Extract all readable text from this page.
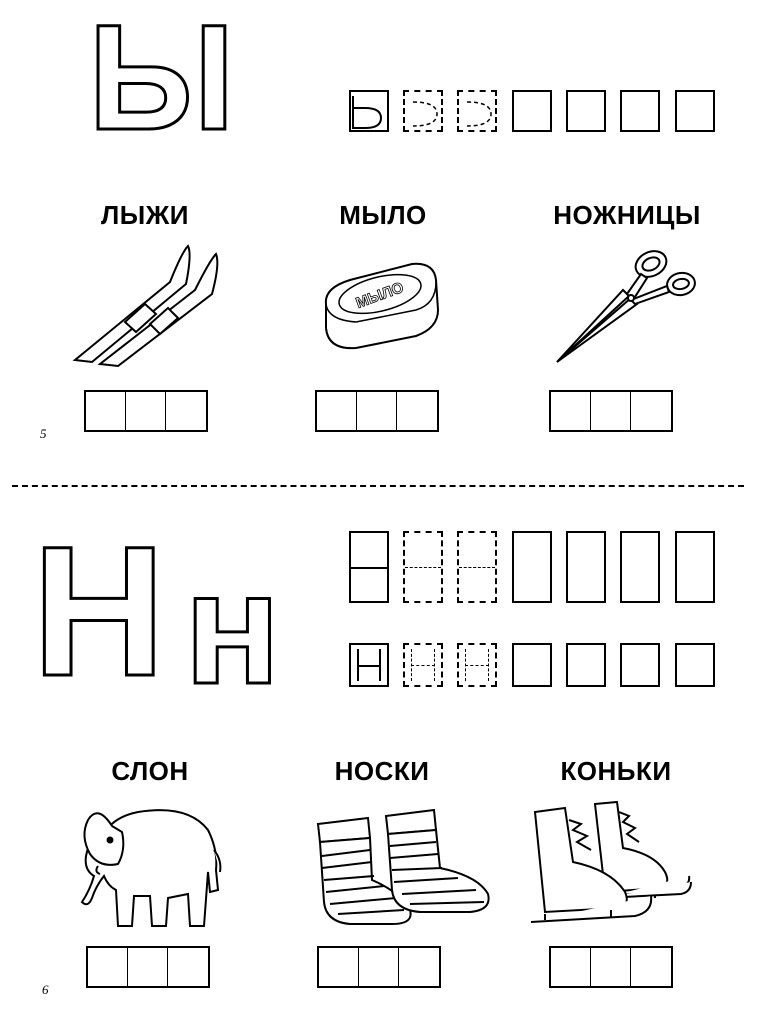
Ы
ЛЫЖИ	МЫЛО	НОЖНИЦЫ
МЫЛО
5
Н н
СЛОН	НОСКИ	КОНЬКИ
6
